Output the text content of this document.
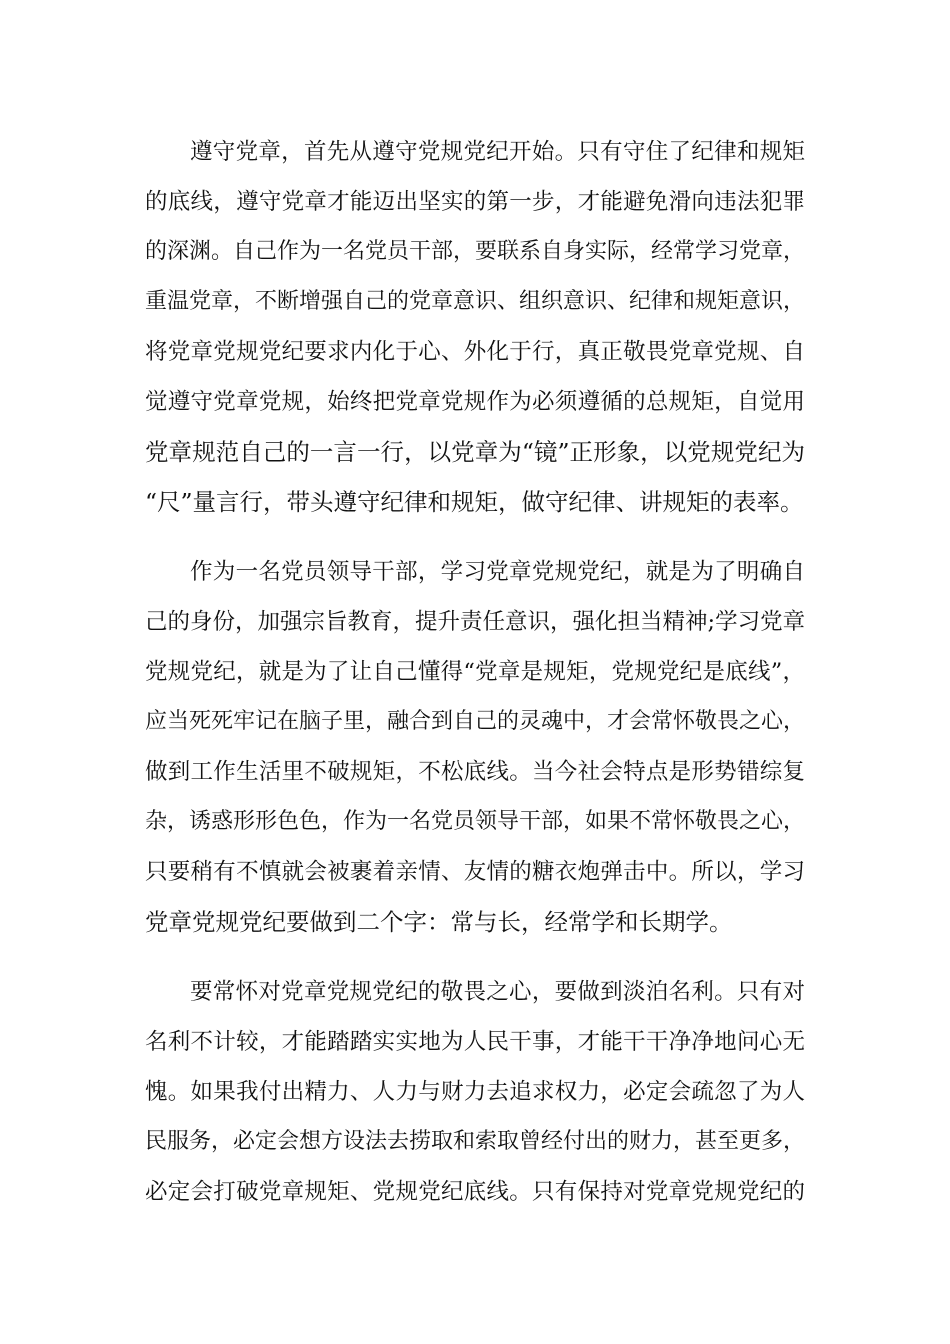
遵守党章，首先从遵守党规党纪开始。只有守住了纪律和规矩
的底线，遵守党章才能迈出坚实的第一步，才能避免滑向违法犯罪
的深渊。自己作为一名党员干部，要联系自身实际，经常学习党章，
重温党章，不断增强自己的党章意识、组织意识、纪律和规矩意识，
将党章党规党纪要求内化于心、外化于行，真正敬畏党章党规、自
觉遵守党章党规，始终把党章党规作为必须遵循的总规矩，自觉用
党章规范自己的一言一行，以党章为“镜”正形象，以党规党纪为
“尺”量言行，带头遵守纪律和规矩，做守纪律、讲规矩的表率。
作为一名党员领导干部，学习党章党规党纪，就是为了明确自
己的身份，加强宗旨教育，提升责任意识，强化担当精神;学习党章
党规党纪，就是为了让自己懂得“党章是规矩，党规党纪是底线”，
应当死死牢记在脑子里，融合到自己的灵魂中，才会常怀敬畏之心，
做到工作生活里不破规矩，不松底线。当今社会特点是形势错综复
杂，诱惑形形色色，作为一名党员领导干部，如果不常怀敬畏之心，
只要稍有不慎就会被裹着亲情、友情的糖衣炮弹击中。所以，学习
党章党规党纪要做到二个字：常与长，经常学和长期学。
要常怀对党章党规党纪的敬畏之心，要做到淡泊名利。只有对
名利不计较，才能踏踏实实地为人民干事，才能干干净净地问心无
愧。如果我付出精力、人力与财力去追求权力，必定会疏忽了为人
民服务，必定会想方设法去捞取和索取曾经付出的财力，甚至更多，
必定会打破党章规矩、党规党纪底线。只有保持对党章党规党纪的
